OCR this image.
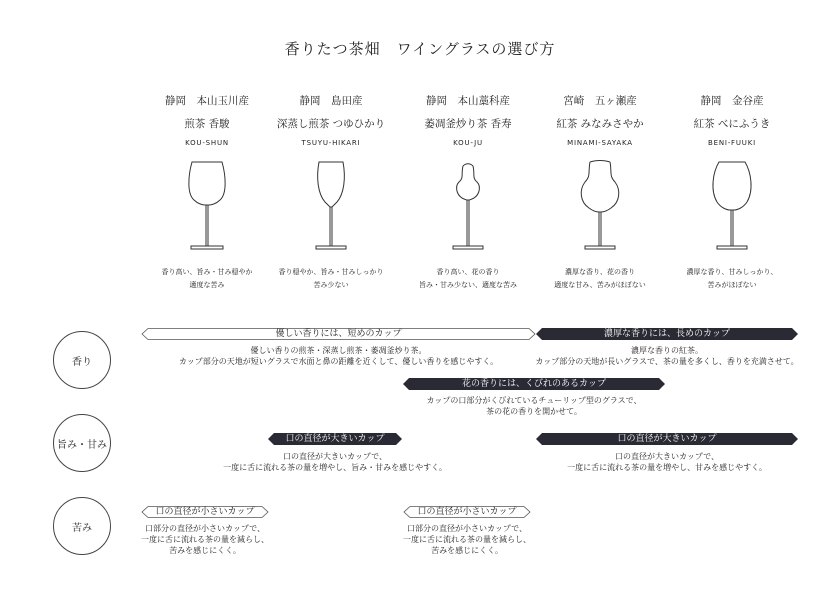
香りたつ茶畑　ワイングラスの選び方
静岡　本山玉川産
煎茶 香駿
KOU-SHUN
静岡　島田産
深蒸し煎茶 つゆひかり
TSUYU-HIKARI
静岡　本山藁科産
萎凋釜炒り茶 香寿
KOU-JU
宮崎　五ヶ瀬産
紅茶 みなみさやか
MINAMI-SAYAKA
静岡　金谷産
紅茶 べにふうき
BENI-FUUKI
香り高い、旨み・甘み穏やか
適度な苦み
香り穏やか、旨み・甘みしっかり
苦み少ない
香り高い、花の香り
旨み・甘み少ない、適度な苦み
濃厚な香り、花の香り
適度な甘み、苦みがほぼない
濃厚な香り、甘みしっかり、
苦みがほぼない
香り
旨み・甘み
苦み
優しい香りには、短めのカップ	濃厚な香りには、長めのカップ
花の香りには、くびれのあるカップ
口の直径が大きいカップ	口の直径が大きいカップ
口の直径が小さいカップ	口の直径が小さいカップ
優しい香りの煎茶・深蒸し煎茶・萎凋釜炒り茶。
カップ部分の天地が短いグラスで水面と鼻の距離を近くして、優しい香りを感じやすく。
濃厚な香りの紅茶。
カップ部分の天地が長いグラスで、茶の量を多くし、香りを充満させて。
カップの口部分がくびれているチューリップ型のグラスで、
茶の花の香りを開かせて。
口の直径が大きいカップで、
一度に舌に流れる茶の量を増やし、旨み・甘みを感じやすく。
口の直径が大きいカップで、
一度に舌に流れる茶の量を増やし、甘みを感じやすく。
口部分の直径が小さいカップで、
一度に舌に流れる茶の量を減らし、
苦みを感じにくく。
口部分の直径が小さいカップで、
一度に舌に流れる茶の量を減らし、
苦みを感じにくく。
